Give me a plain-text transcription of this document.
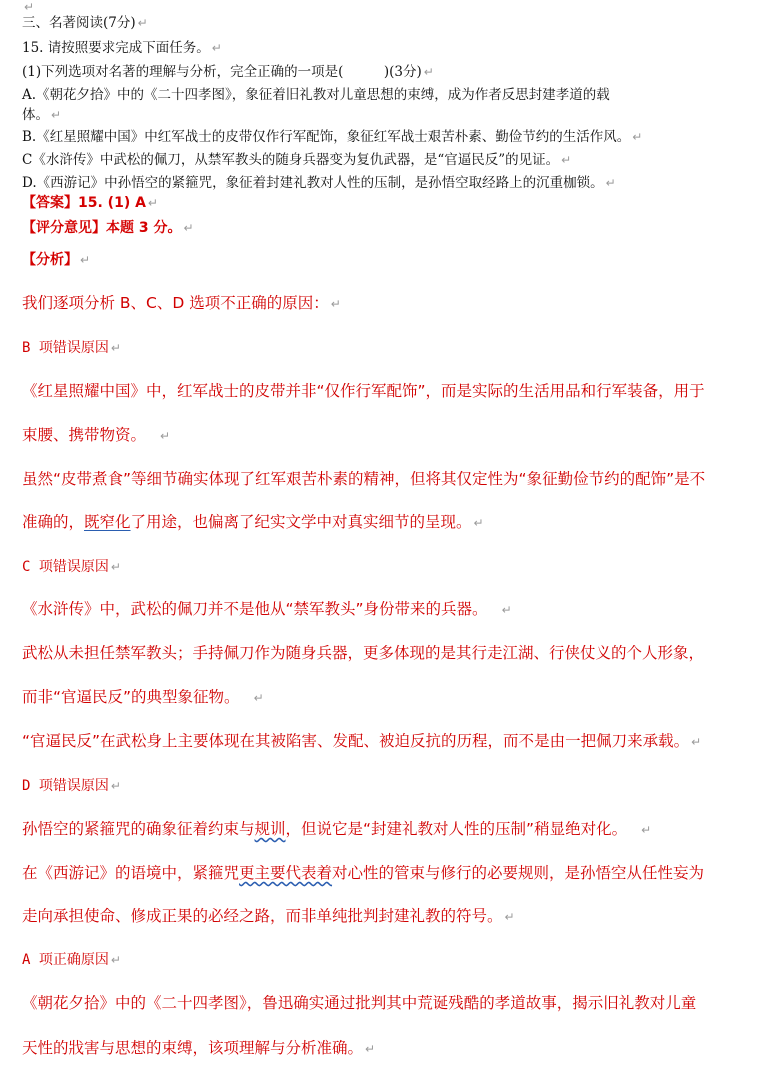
↵
三、名著阅读(7分) ↵
15. 请按照要求完成下面任务。 ↵
(1)下列选项对名著的理解与分析，完全正确的一项是(　　　)(3分) ↵
A.《朝花夕拾》中的《二十四孝图》，象征着旧礼教对儿童思想的束缚，成为作者反思封建孝道的载
体。 ↵
B.《红星照耀中国》中红军战士的皮带仅作行军配饰，象征红军战士艰苦朴素、勤俭节约的生活作风。 ↵
C《水浒传》中武松的佩刀，从禁军教头的随身兵器变为复仇武器，是“官逼民反”的见证。 ↵
D.《西游记》中孙悟空的紧箍咒，象征着封建礼教对人性的压制，是孙悟空取经路上的沉重枷锁。 ↵
【答案】15. (1) A ↵
【评分意见】本题 3 分。 ↵
【分析】 ↵
我们逐项分析 B、C、D 选项不正确的原因： ↵
B 项错误原因 ↵
《红星照耀中国》中，红军战士的皮带并非“仅作行军配饰”，而是实际的生活用品和行军装备，用于
束腰、携带物资。 ↵
虽然“皮带煮食”等细节确实体现了红军艰苦朴素的精神，但将其仅定性为“象征勤俭节约的配饰”是不
准确的，既窄化了用途，也偏离了纪实文学中对真实细节的呈现。 ↵
C 项错误原因 ↵
《水浒传》中，武松的佩刀并不是他从“禁军教头”身份带来的兵器。 ↵
武松从未担任禁军教头；手持佩刀作为随身兵器，更多体现的是其行走江湖、行侠仗义的个人形象，
而非“官逼民反”的典型象征物。 ↵
“官逼民反”在武松身上主要体现在其被陷害、发配、被迫反抗的历程，而不是由一把佩刀来承载。 ↵
D 项错误原因 ↵
孙悟空的紧箍咒的确象征着约束与规训，但说它是“封建礼教对人性的压制”稍显绝对化。 ↵
在《西游记》的语境中，紧箍咒更主要代表着对心性的管束与修行的必要规则，是孙悟空从任性妄为
走向承担使命、修成正果的必经之路，而非单纯批判封建礼教的符号。 ↵
A 项正确原因 ↵
《朝花夕拾》中的《二十四孝图》，鲁迅确实通过批判其中荒诞残酷的孝道故事，揭示旧礼教对儿童
天性的戕害与思想的束缚，该项理解与分析准确。 ↵
